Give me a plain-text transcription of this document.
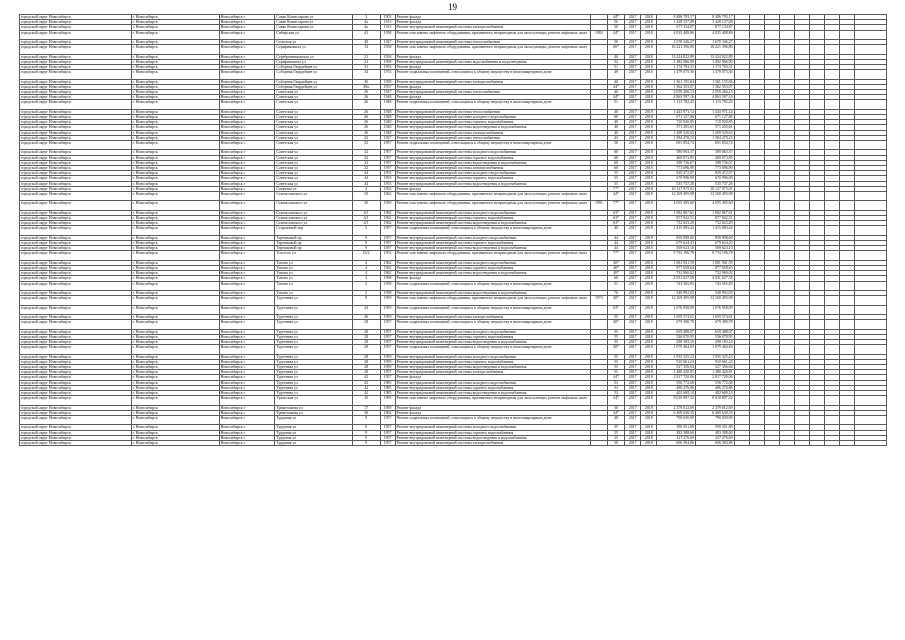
19
городской округ Новосибирск	г. Новосибирск	Новосибирск г	Сакко Комиссарова ул	2	1903	Ремонт фасада		44*	2017	2018	8 486 793,17	8 486 793,17									
городской округ Новосибирск	г. Новосибирск	Новосибирск г	Сакко Комиссарова ул	4а	1913	Ремонт фасада		50	2017	2018	1 428 137,08	1 428 137,08									
городской округ Новосибирск	г. Новосибирск	Новосибирск г	Сакко Комиссарова ул	4а	1913	Ремонт внутридомовой инженерной системы электроснабжения		50	2017	2018	677 134,87	677 134,87									
городской округ Новосибирск	г. Новосибирск	Новосибирск г	Сибирская ул	43	1938	Ремонт или замена лифтового оборудования, признанного непригодным для эксплуатации, ремонт лифтовых шахт	1982	44*	2017	2018	4 035 408,86	4 035 408,86									
городской округ Новосибирск	г. Новосибирск	Новосибирск г	Сельская ул	40	1947	Ремонт внутридомовой инженерной системы теплоснабжения		50	2017	2018	1 678 346,27	1 678 346,27									
городской округ Новосибирск	г. Новосибирск	Новосибирск г	Серафимовича ул	13	1958	Ремонт или замена лифтового оборудования, признанного непригодным для эксплуатации, ремонт лифтовых шахт		66*	2017	2018	16 221 396,80	16 221 396,80									
городской округ Новосибирск	г. Новосибирск	Новосибирск г	Серебренниковская ул	21	1934	Ремонт фасада		40	2017	2018	13 424 822,89	13 424 822,89									
городской округ Новосибирск	г. Новосибирск	Новосибирск г	Серафимовича ул	23	1958	Ремонт внутридомовой инженерной системы водоснабжения и водоотведения		52	2017	2018	1 382 966,90	1 382 966,90									
городской округ Новосибирск	г. Новосибирск	Новосибирск г	Соборная Гвардейцев ул	31	1953	Ремонт фасада		51	2017	2018	1 174 703,31	1 174 703,31									
городской округ Новосибирск	г. Новосибирск	Новосибирск г	Соборная Гвардейцев ул	34	1974	Ремонт подвальных помещений, относящихся к общему имуществу в многоквартирном доме		49	2017	2018	1 479 075,30	1 479 075,30									
городской округ Новосибирск	г. Новосибирск	Новосибирск г	Соборная Гвардейцев ул	36	1958	Ремонт внутридомовой инженерной системы электроснабжения		40	2017	2018	1 561 155,84	1 561 155,84									
городской округ Новосибирск	г. Новосибирск	Новосибирск г	Соборная Гвардейцев ул	49а	1957	Ремонт фасада		44*	2017	2018	1 362 353,07	1 362 353,07									
городской округ Новосибирск	г. Новосибирск	Новосибирск г	Советская ул	26	1947	Ремонт внутридомовой инженерной системы теплоснабжения		40	2017	2018	2 059 266,13	2 059 266,13									
городской округ Новосибирск	г. Новосибирск	Новосибирск г	Советская ул	26	1948	Ремонт фасада		44*	2017	2018	4 863 597,16	4 863 597,16									
городской округ Новосибирск	г. Новосибирск	Новосибирск г	Советская ул	26	1948	Ремонт подвальных помещений, относящихся к общему имуществу в многоквартирном доме		51	2017	2018	1 115 782,43	1 115 782,43									
городской округ Новосибирск	г. Новосибирск	Новосибирск г	Советская ул	26	1948	Ремонт внутридомовой инженерной системы теплоснабжения		40	2017	2018	1 443 971,14	1 443 971,14									
городской округ Новосибирск	г. Новосибирск	Новосибирск г	Советская ул	26	1948	Ремонт внутридомовой инженерной системы холодного водоснабжения		60	2017	2018	671 127,86	671 127,86									
городской округ Новосибирск	г. Новосибирск	Новосибирск г	Советская ул	26	1948	Ремонт внутридомовой инженерной системы горячего водоснабжения		40	2017	2018	710 920,85	710 920,85									
городской округ Новосибирск	г. Новосибирск	Новосибирск г	Советская ул	26	1948	Ремонт внутридомовой инженерной системы водоотведения и водоснабжения		40	2017	2018	571 205,61	571 205,61									
городской округ Новосибирск	г. Новосибирск	Новосибирск г	Советская ул	26	1948	Ремонт внутридомовой инженерной системы электроснабжения		40	2017	2018	1 269 520,63	1 269 520,63									
городской округ Новосибирск	г. Новосибирск	Новосибирск г	Советская ул	32	1957	Ремонт внутридомовой инженерной системы теплоснабжения		43	2017	2018	1 584 470,23	1 584 470,23									
городской округ Новосибирск	г. Новосибирск	Новосибирск г	Советская ул	32	1957	Ремонт подвальных помещений, относящихся к общему имуществу в многоквартирном доме		56	2017	2018	691 854,74	691 854,74									
городской округ Новосибирск	г. Новосибирск	Новосибирск г	Советская ул	32	1957	Ремонт внутридомовой инженерной системы холодного водоснабжения		60	2017	2018	580 063,37	580 063,37									
городской округ Новосибирск	г. Новосибирск	Новосибирск г	Советская ул	32	1957	Ремонт внутридомовой инженерной системы горячего водоснабжения		60	2017	2018	469 073,85	469 073,85									
городской округ Новосибирск	г. Новосибирск	Новосибирск г	Советская ул	32	1957	Ремонт внутридомовой инженерной системы водоотведения и водоснабжения		60	2017	2018	398 736,67	398 736,67									
городской округ Новосибирск	г. Новосибирск	Новосибирск г	Советская ул	32	1957	Ремонт внутридомовой инженерной системы электроснабжения		60	2017	2018	773 696,90	773 696,90									
городской округ Новосибирск	г. Новосибирск	Новосибирск г	Советская ул	44	1953	Ремонт внутридомовой инженерной системы холодного водоснабжения		55	2017	2018	829 472,07	829 472,07									
городской округ Новосибирск	г. Новосибирск	Новосибирск г	Советская ул	44	1953	Ремонт внутридомовой инженерной системы горячего водоснабжения		55	2017	2018	670 996,00	670 996,00									
городской округ Новосибирск	г. Новосибирск	Новосибирск г	Советская ул	44	1953	Ремонт внутридомовой инженерной системы водоотведения и водоснабжения		55	2017	2018	535 737,26	535 737,26									
городской округ Новосибирск	г. Новосибирск	Новосибирск г	Спартака ул	4	1953	Ремонт фасада		77*	2017	2018	10 127 975,01	10 127 975,01									
городской округ Новосибирск	г. Новосибирск	Новосибирск г	Станиславского ул	29	1962	Ремонт или замена лифтового оборудования, признанного непригодным для эксплуатации, ремонт лифтовых шахт		44*	2017	2018	12 169 495,98	12 169 495,98									
городской округ Новосибирск	г. Новосибирск	Новосибирск г	Станиславского ул	30	1959	Ремонт или замена лифтового оборудования, признанного непригодным для эксплуатации, ремонт лифтовых шахт	1991	77*	2017	2018	4 055 495,60	4 055 495,60									
городской округ Новосибирск	г. Новосибирск	Новосибирск г	Станиславского ул	4/1	1962	Ремонт внутридомовой инженерной системы холодного водоснабжения		63*	2017	2018	1 082 867,61	1 082 867,61									
городской округ Новосибирск	г. Новосибирск	Новосибирск г	Станиславского ул	4/1	1962	Ремонт внутридомовой инженерной системы горячего водоснабжения		63*	2017	2018	877 842,51	877 842,51									
городской округ Новосибирск	г. Новосибирск	Новосибирск г	Станиславского ул	4/1	1962	Ремонт внутридомовой инженерной системы водоотведения и водоснабжения		63*	2017	2018	732 823,29	732 823,29									
городской округ Новосибирск	г. Новосибирск	Новосибирск г	Сторожевой пер	5	1957	Ремонт подвальных помещений, относящихся к общему имуществу в многоквартирном доме		40	2017	2018	1 415 083,42	1 415 083,42									
городской округ Новосибирск	г. Новосибирск	Новосибирск г	Терешковой пр	9	1957	Ремонт внутридомовой инженерной системы холодного водоснабжения		44	2017	2018	839 098,60	839 098,60									
городской округ Новосибирск	г. Новосибирск	Новосибирск г	Терешковой пр	9	1957	Ремонт внутридомовой инженерной системы горячего водоснабжения		44	2017	2018	679 624,43	679 624,43									
городской округ Новосибирск	г. Новосибирск	Новосибирск г	Терешковой пр	9	1957	Ремонт внутридомовой инженерной системы водоотведения и водоснабжения		44	2017	2018	569 623,10	569 623,10									
городской округ Новосибирск	г. Новосибирск	Новосибирск г	Толстого ул	23/2	1952	Ремонт или замена лифтового оборудования, признанного непригодным для эксплуатации, ремонт лифтовых шахт		77*	2017	2018	9 733 196,78	9 733 196,78									
городской округ Новосибирск	г. Новосибирск	Новосибирск г	Титова ул	4	1962	Ремонт внутридомовой инженерной системы холодного водоснабжения		40*	2017	2018	1 081 941,59	1 081 941,59									
городской округ Новосибирск	г. Новосибирск	Новосибирск г	Титова ул	4	1962	Ремонт внутридомовой инженерной системы горячего водоснабжения		40*	2017	2018	877 658,63	877 658,63									
городской округ Новосибирск	г. Новосибирск	Новосибирск г	Титова ул	4	1962	Ремонт внутридомовой инженерной системы водоотведения и водоснабжения		40*	2017	2018	732 960,02	732 960,02									
городской округ Новосибирск	г. Новосибирск	Новосибирск г	Титова ул	2	1958	Ремонт фасада		60	2017	2018	4 031 027,58	4 031 027,58									
городской округ Новосибирск	г. Новосибирск	Новосибирск г	Титова ул	2	1958	Ремонт подвальных помещений, относящихся к общему имуществу в многоквартирном доме		51	2017	2018	743 565,83	743 565,83									
городской округ Новосибирск	г. Новосибирск	Новосибирск г	Титова ул	2	1958	Ремонт внутридомовой инженерной системы водоотведения и водоснабжения		76	2017	2018	548 992,03	548 992,03									
городской округ Новосибирск	г. Новосибирск	Новосибирск г	Тургенева ул	8	1959	Ремонт или замена лифтового оборудования, признанного непригодным для эксплуатации, ремонт лифтовых шахт	1972	40*	2017	2018	12 169 495,98	12 169 495,98									
городской округ Новосибирск	г. Новосибирск	Новосибирск г	Тургенева ул	24	1959	Ремонт подвальных помещений, относящихся к общему имуществу в многоквартирном доме		63*	2017	2018	1 076 958,09	1 076 958,09									
городской округ Новосибирск	г. Новосибирск	Новосибирск г	Тургенева ул	26	1959	Ремонт внутридомовой инженерной системы электроснабжения		55	2017	2018	1 659 574,61	1 659 574,61									
городской округ Новосибирск	г. Новосибирск	Новосибирск г	Тургенева ул	28	1957	Ремонт подвальных помещений, относящихся к общему имуществу в многоквартирном доме		40*	2017	2018	679 380,78	679 380,78									
городской округ Новосибирск	г. Новосибирск	Новосибирск г	Тургенева ул	28	1957	Ремонт внутридомовой инженерной системы холодного водоснабжения		55	2017	2018	659 488,07	659 488,07									
городской округ Новосибирск	г. Новосибирск	Новосибирск г	Тургенева ул	28	1957	Ремонт внутридомовой инженерной системы горячего водоснабжения		55	2017	2018	536 070,95	536 070,95									
городской округ Новосибирск	г. Новосибирск	Новосибирск г	Тургенева ул	28	1957	Ремонт внутридомовой инженерной системы водоотведения и водоснабжения		55	2017	2018	298 183,16	298 183,16									
городской округ Новосибирск	г. Новосибирск	Новосибирск г	Тургенева ул	28	1957	Ремонт подвальных помещений, относящихся к общему имуществу в многоквартирном доме		40*	2017	2018	1 079 404,83	1 079 404,83									
городской округ Новосибирск	г. Новосибирск	Новосибирск г	Тургенева ул	28	1959	Ремонт внутридомовой инженерной системы холодного водоснабжения		55	2017	2018	1 935 325,23	1 935 325,23									
городской округ Новосибирск	г. Новосибирск	Новосибирск г	Тургенева ул	28	1959	Ремонт внутридомовой инженерной системы горячего водоснабжения		55	2017	2018	910 661,24	910 661,24									
городской округ Новосибирск	г. Новосибирск	Новосибирск г	Тургенева ул	28	1959	Ремонт внутридомовой инженерной системы водоотведения и водоснабжения		55	2017	2018	527 356,04	527 356,04									
городской округ Новосибирск	г. Новосибирск	Новосибирск г	Тургенева ул	28	1957	Ремонт внутридомовой инженерной системы электроснабжения		55	2017	2018	1 480 420,81	1 480 420,81									
городской округ Новосибирск	г. Новосибирск	Новосибирск г	Тургенева ул	42	1957	Ремонт фасада		44*	2017	2018	2 817 720,06	2 817 720,06									
городской округ Новосибирск	г. Новосибирск	Новосибирск г	Тургенева ул	42	1985	Ремонт внутридомовой инженерной системы холодного водоснабжения		53	2017	2018	556 772,68	556 772,68									
городской округ Новосибирск	г. Новосибирск	Новосибирск г	Тургенева ул	42	1985	Ремонт внутридомовой инженерной системы горячего водоснабжения		53	2017	2018	486 270,86	486 270,86									
городской округ Новосибирск	г. Новосибирск	Новосибирск г	Тургенева ул	42	1985	Ремонт внутридомовой инженерной системы водоотведения и водоснабжения		53	2017	2018	402 669,14	402 669,14									
городской округ Новосибирск	г. Новосибирск	Новосибирск г	Уральская ул	10	1995	Ремонт или замена лифтового оборудования, признанного непригодным для эксплуатации, ремонт лифтовых шахт		44*	2017	2018	8 010 897,32	8 010 897,32									
городской округ Новосибирск	г. Новосибирск	Новосибирск г	Трикотажная ул	17	1959	Ремонт фасада		50	2017	2018	2 379 612,69	2 379 612,69									
городской округ Новосибирск	г. Новосибирск	Новосибирск г	Трикотажная ул	36	1962	Ремонт фасада		44*	2017	2018	6 469 638,35	6 469 638,35									
городской округ Новосибирск	г. Новосибирск	Новосибирск г	Трудовая ул	9	1957	Ремонт подвальных помещений, относящихся к общему имуществу в многоквартирном доме		48	2017	2018	790 030,90	790 030,90									
городской округ Новосибирск	г. Новосибирск	Новосибирск г	Трудовая ул	9	1957	Ремонт внутридомовой инженерной системы холодного водоснабжения		35	2017	2018	590 351,89	590 351,89									
городской округ Новосибирск	г. Новосибирск	Новосибирск г	Трудовая ул	9	1957	Ремонт внутридомовой инженерной системы горячего водоснабжения		35	2017	2018	483 388,60	483 388,60									
городской округ Новосибирск	г. Новосибирск	Новосибирск г	Трудовая ул	9	1957	Ремонт внутридомовой инженерной системы водоотведения и водоснабжения		35	2017	2018	327 276,69	327 276,69									
городской округ Новосибирск	г. Новосибирск	Новосибирск г	Трудовая ул	9	1957	Ремонт внутридомовой инженерной системы электроснабжения		50	2017	2018	606 394,86	606 394,86									
